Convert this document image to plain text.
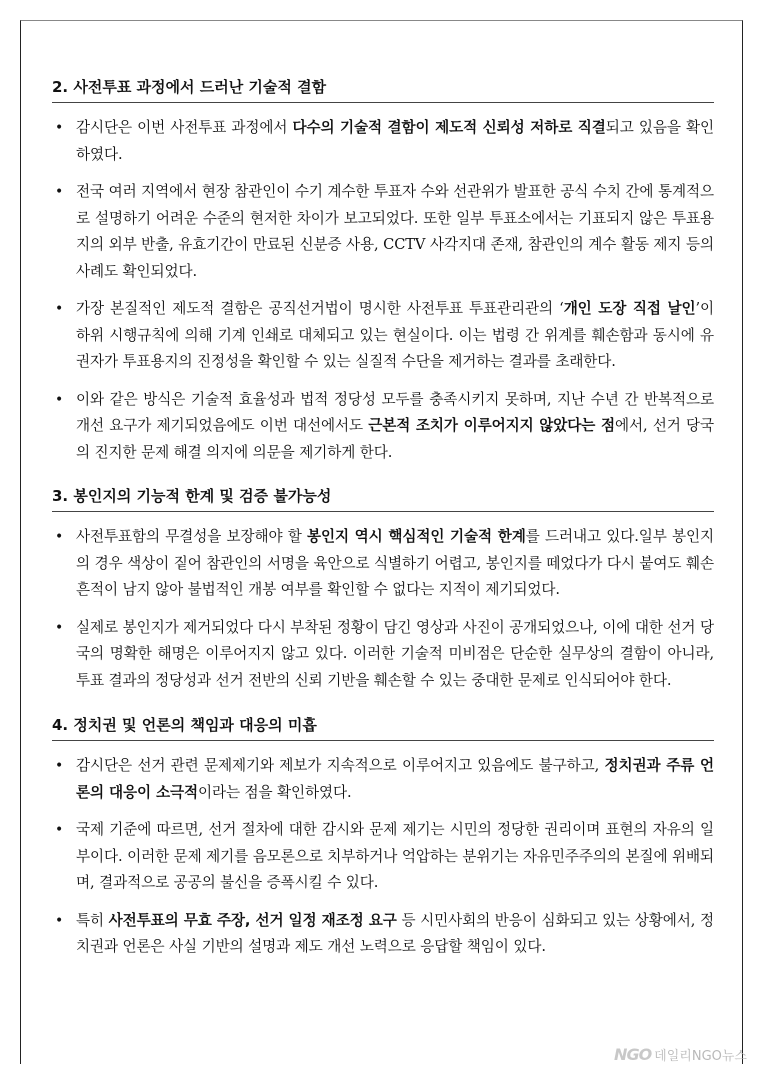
2. 사전투표 과정에서 드러난 기술적 결함
• 감시단은 이번 사전투표 과정에서 다수의 기술적 결함이 제도적 신뢰성 저하로 직결되고 있음을 확인하였다.
• 전국 여러 지역에서 현장 참관인이 수기 계수한 투표자 수와 선관위가 발표한 공식 수치 간에 통계적으로 설명하기 어려운 수준의 현저한 차이가 보고되었다. 또한 일부 투표소에서는 기표되지 않은 투표용지의 외부 반출, 유효기간이 만료된 신분증 사용, CCTV 사각지대 존재, 참관인의 계수 활동 제지 등의 사례도 확인되었다.
• 가장 본질적인 제도적 결함은 공직선거법이 명시한 사전투표 투표관리관의 ‘개인 도장 직접 날인’이 하위 시행규칙에 의해 기계 인쇄로 대체되고 있는 현실이다. 이는 법령 간 위계를 훼손함과 동시에 유권자가 투표용지의 진정성을 확인할 수 있는 실질적 수단을 제거하는 결과를 초래한다.
• 이와 같은 방식은 기술적 효율성과 법적 정당성 모두를 충족시키지 못하며, 지난 수년 간 반복적으로 개선 요구가 제기되었음에도 이번 대선에서도 근본적 조치가 이루어지지 않았다는 점에서, 선거 당국의 진지한 문제 해결 의지에 의문을 제기하게 한다.
3. 봉인지의 기능적 한계 및 검증 불가능성
• 사전투표함의 무결성을 보장해야 할 봉인지 역시 핵심적인 기술적 한계를 드러내고 있다.일부 봉인지의 경우 색상이 짙어 참관인의 서명을 육안으로 식별하기 어렵고, 봉인지를 떼었다가 다시 붙여도 훼손 흔적이 남지 않아 불법적인 개봉 여부를 확인할 수 없다는 지적이 제기되었다.
• 실제로 봉인지가 제거되었다 다시 부착된 정황이 담긴 영상과 사진이 공개되었으나, 이에 대한 선거 당국의 명확한 해명은 이루어지지 않고 있다. 이러한 기술적 미비점은 단순한 실무상의 결함이 아니라, 투표 결과의 정당성과 선거 전반의 신뢰 기반을 훼손할 수 있는 중대한 문제로 인식되어야 한다.
4. 정치권 및 언론의 책임과 대응의 미흡
• 감시단은 선거 관련 문제제기와 제보가 지속적으로 이루어지고 있음에도 불구하고, 정치권과 주류 언론의 대응이 소극적이라는 점을 확인하였다.
• 국제 기준에 따르면, 선거 절차에 대한 감시와 문제 제기는 시민의 정당한 권리이며 표현의 자유의 일부이다. 이러한 문제 제기를 음모론으로 치부하거나 억압하는 분위기는 자유민주주의의 본질에 위배되며, 결과적으로 공공의 불신을 증폭시킬 수 있다.
• 특히 사전투표의 무효 주장, 선거 일정 재조정 요구 등 시민사회의 반응이 심화되고 있는 상황에서, 정치권과 언론은 사실 기반의 설명과 제도 개선 노력으로 응답할 책임이 있다.
NGO 데일리NGO뉴스
